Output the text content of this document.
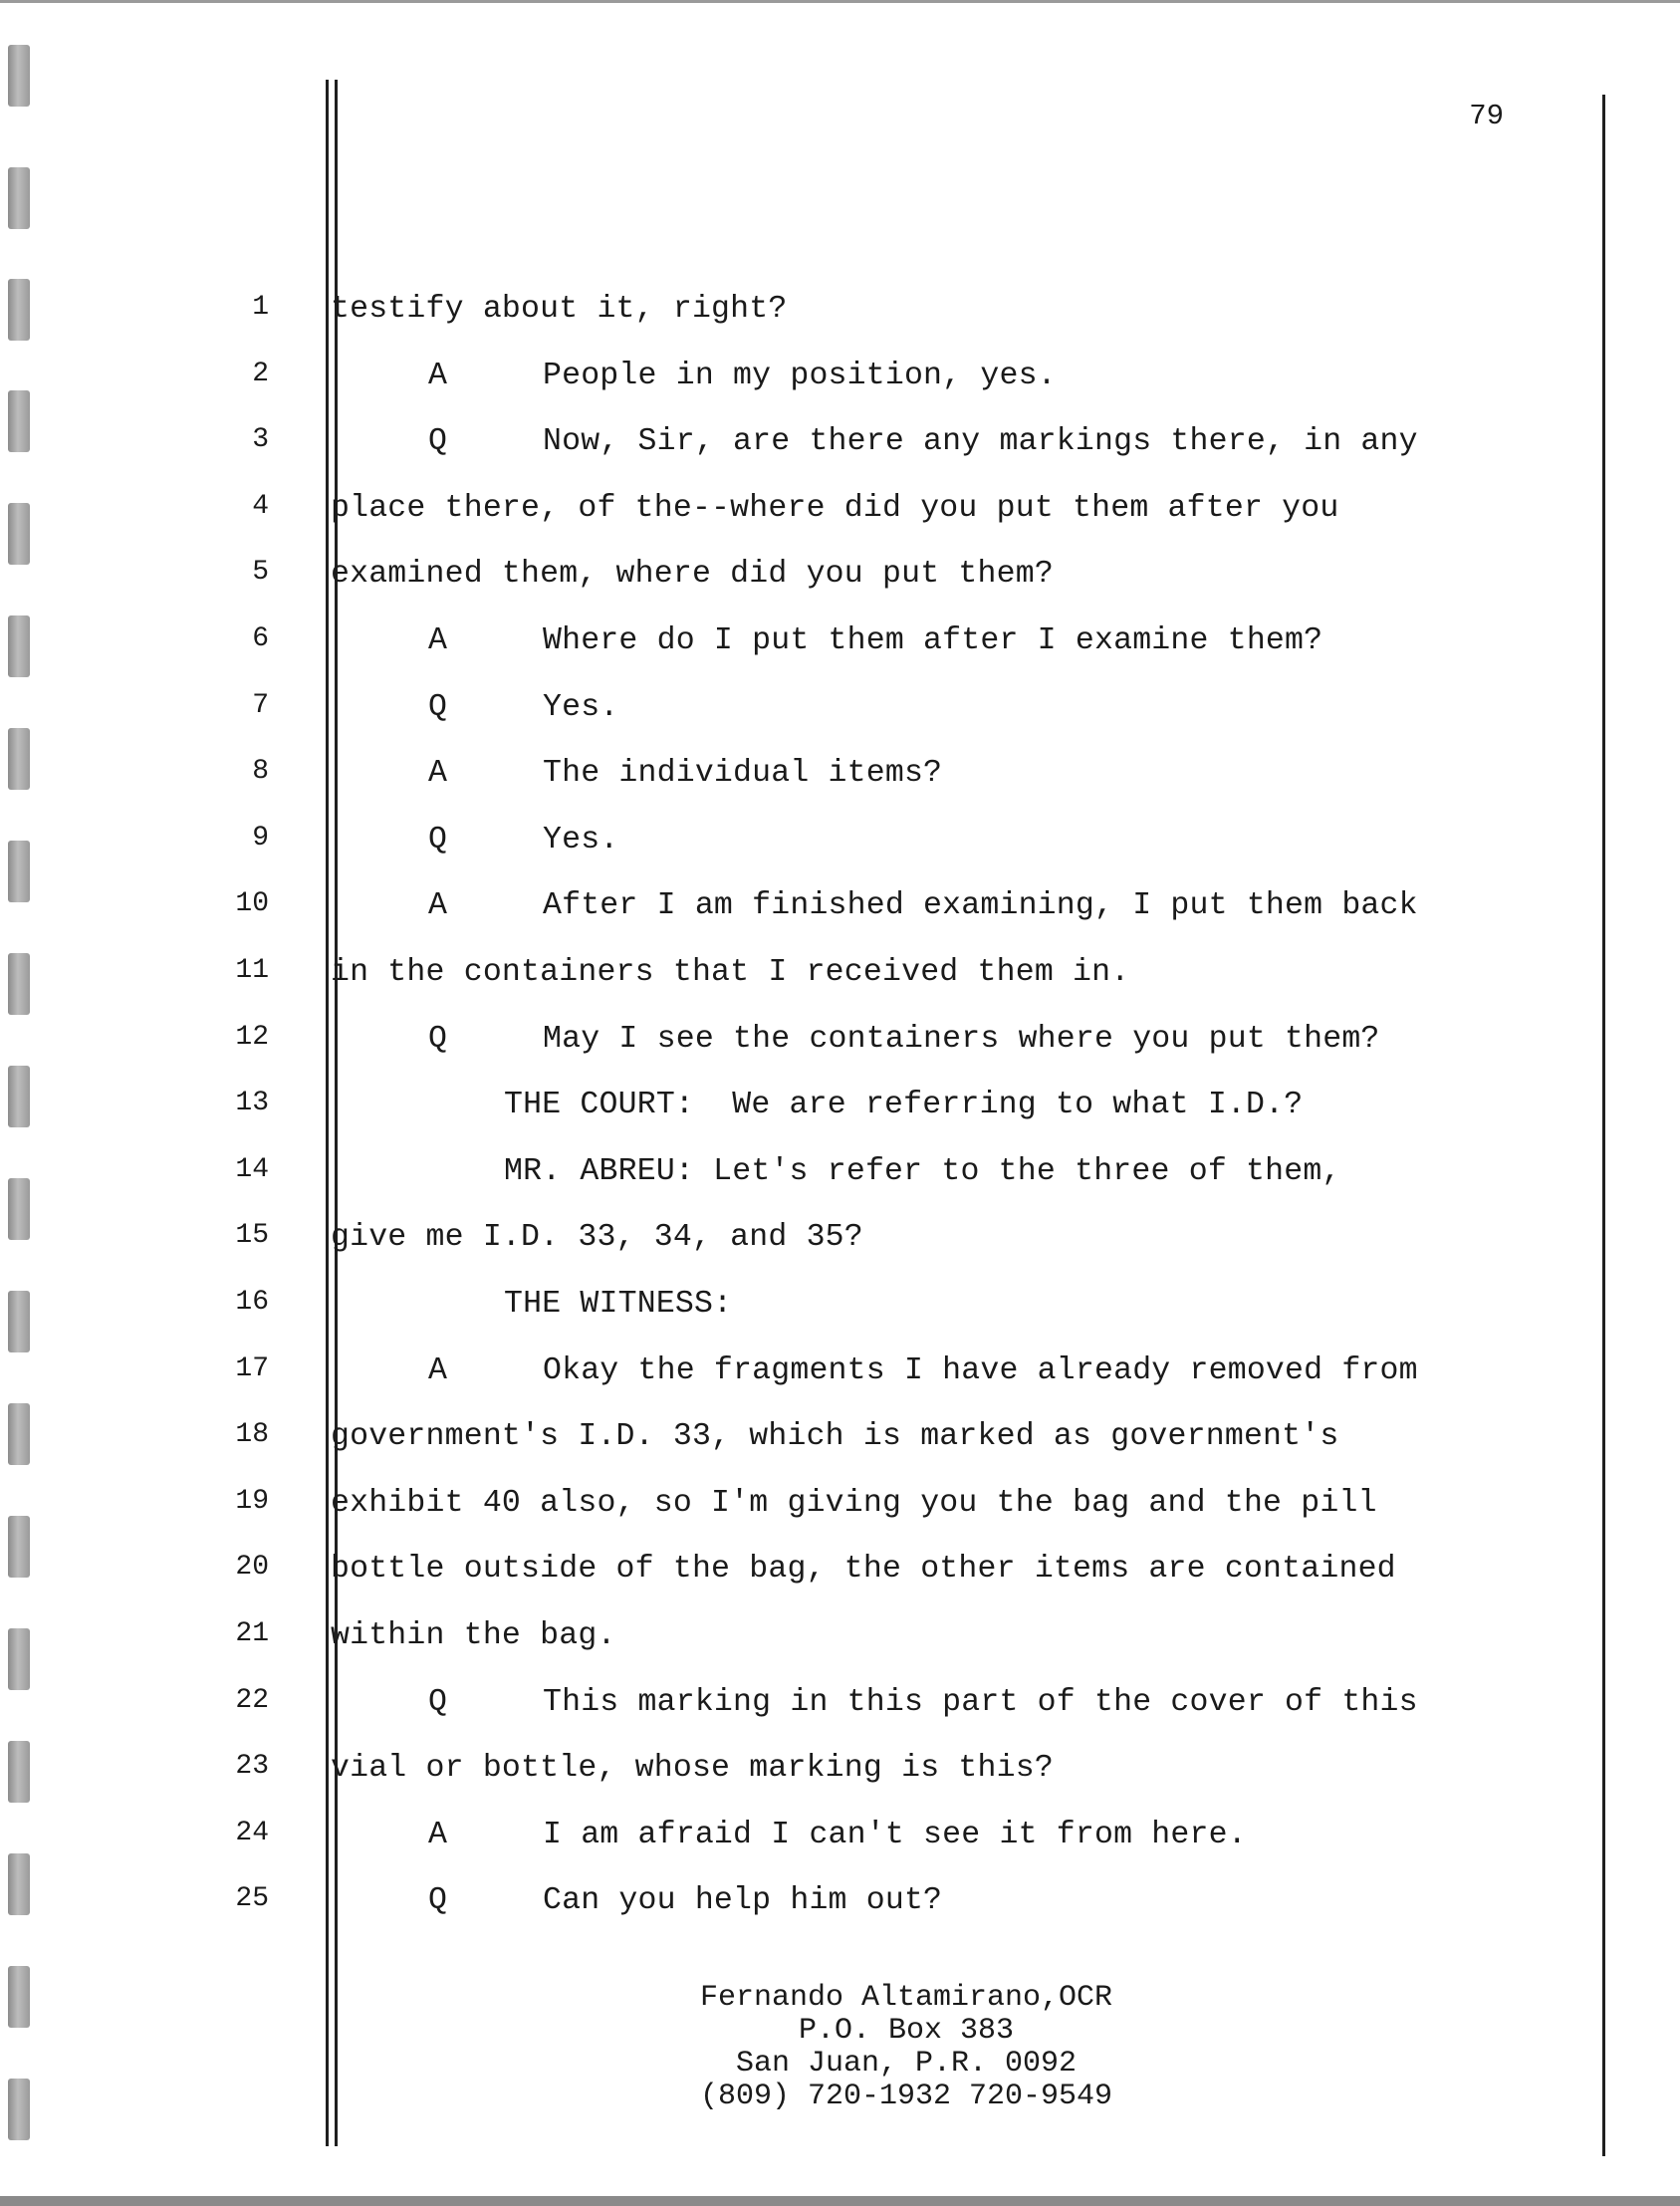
79
1 testify about it, right?
2	A	People in my position, yes.
3	Q	Now, Sir, are there any markings there, in any
4 place there, of the--where did you put them after you
5 examined them, where did you put them?
6	A	Where do I put them after I examine them?
7	Q	Yes.
8	A	The individual items?
9	Q	Yes.
10	A	After I am finished examining, I put them back
11 in the containers that I received them in.
12	Q	May I see the containers where you put them?
13	THE COURT:  We are referring to what I.D.?
14	MR. ABREU: Let's refer to the three of them,
15 give me I.D. 33, 34, and 35?
16	THE WITNESS:
17	A	Okay the fragments I have already removed from
18 government's I.D. 33, which is marked as government's
19 exhibit 40 also, so I'm giving you the bag and the pill
20 bottle outside of the bag, the other items are contained
21 within the bag.
22	Q	This marking in this part of the cover of this
23 vial or bottle, whose marking is this?
24	A	I am afraid I can't see it from here.
25	Q	Can you help him out?
Fernando Altamirano,OCR
P.O. Box 383
San Juan, P.R. 0092
(809) 720-1932 720-9549
